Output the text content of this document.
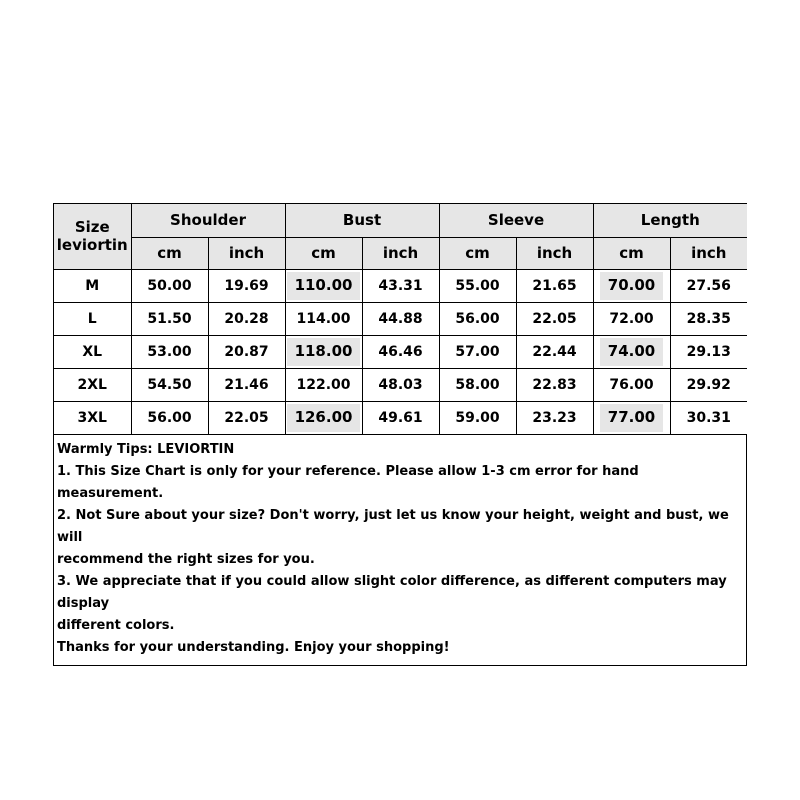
Size
leviortin	Shoulder		Bust		Sleeve		Length	
	cm	inch	cm	inch	cm	inch	cm	inch
M	50.00	19.69	110.00	43.31	55.00	21.65	70.00	27.56
L	51.50	20.28	114.00	44.88	56.00	22.05	72.00	28.35
XL	53.00	20.87	118.00	46.46	57.00	22.44	74.00	29.13
2XL	54.50	21.46	122.00	48.03	58.00	22.83	76.00	29.92
3XL	56.00	22.05	126.00	49.61	59.00	23.23	77.00	30.31
Warmly Tips: LEVIORTIN
1. This Size Chart is only for your reference. Please allow 1-3 cm error for hand measurement.
2. Not Sure about your size? Don't worry, just let us know your height, weight and bust, we will
recommend the right sizes for you.
3. We appreciate that if you could allow slight color difference, as different computers may display
different colors.
Thanks for your understanding. Enjoy your shopping!
